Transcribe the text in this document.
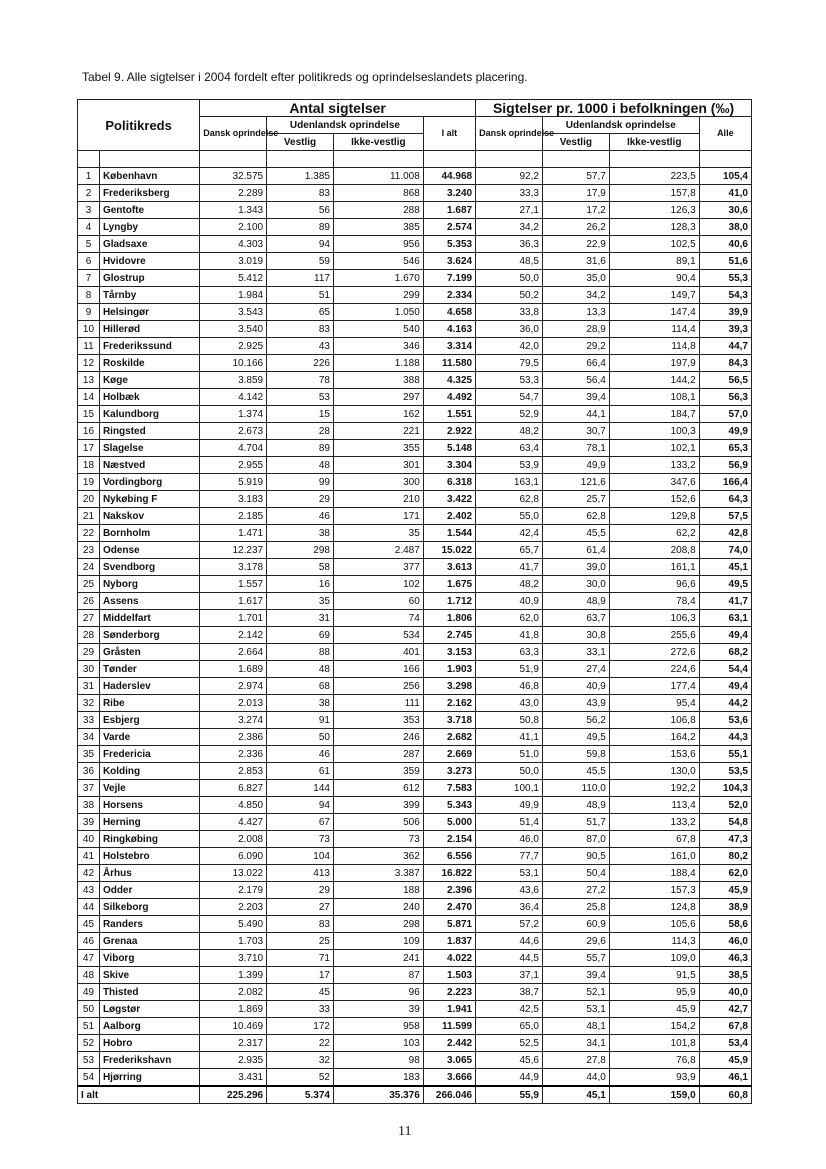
Tabel 9. Alle sigtelser i 2004 fordelt efter politikreds og oprindelseslandets placering.
Politikreds		Antal sigtelser				Sigtelser pr. 1000 i befolkningen (‰)			
		Dansk oprindelse	Udenlandsk oprindelse		I alt	Dansk oprindelse	Udenlandsk oprindelse		Alle
			Vestlig	Ikke-vestlig			Vestlig	Ikke-vestlig	

1	København	32.575	1.385	11.008	44.968	92,2	57,7	223,5	105,4
2	Frederiksberg	2.289	83	868	3.240	33,3	17,9	157,8	41,0
3	Gentofte	1.343	56	288	1.687	27,1	17,2	126,3	30,6
4	Lyngby	2.100	89	385	2.574	34,2	26,2	128,3	38,0
5	Gladsaxe	4.303	94	956	5.353	36,3	22,9	102,5	40,6
6	Hvidovre	3.019	59	546	3.624	48,5	31,6	89,1	51,6
7	Glostrup	5.412	117	1.670	7.199	50,0	35,0	90,4	55,3
8	Tårnby	1.984	51	299	2.334	50,2	34,2	149,7	54,3
9	Helsingør	3.543	65	1.050	4.658	33,8	13,3	147,4	39,9
10	Hillerød	3.540	83	540	4.163	36,0	28,9	114,4	39,3
11	Frederikssund	2.925	43	346	3.314	42,0	29,2	114,8	44,7
12	Roskilde	10.166	226	1.188	11.580	79,5	66,4	197,9	84,3
13	Køge	3.859	78	388	4.325	53,3	56,4	144,2	56,5
14	Holbæk	4.142	53	297	4.492	54,7	39,4	108,1	56,3
15	Kalundborg	1.374	15	162	1.551	52,9	44,1	184,7	57,0
16	Ringsted	2.673	28	221	2.922	48,2	30,7	100,3	49,9
17	Slagelse	4.704	89	355	5.148	63,4	78,1	102,1	65,3
18	Næstved	2.955	48	301	3.304	53,9	49,9	133,2	56,9
19	Vordingborg	5.919	99	300	6.318	163,1	121,6	347,6	166,4
20	Nykøbing F	3.183	29	210	3.422	62,8	25,7	152,6	64,3
21	Nakskov	2.185	46	171	2.402	55,0	62,8	129,8	57,5
22	Bornholm	1.471	38	35	1.544	42,4	45,5	62,2	42,8
23	Odense	12.237	298	2.487	15.022	65,7	61,4	208,8	74,0
24	Svendborg	3.178	58	377	3.613	41,7	39,0	161,1	45,1
25	Nyborg	1.557	16	102	1.675	48,2	30,0	96,6	49,5
26	Assens	1.617	35	60	1.712	40,9	48,9	78,4	41,7
27	Middelfart	1.701	31	74	1.806	62,0	63,7	106,3	63,1
28	Sønderborg	2.142	69	534	2.745	41,8	30,8	255,6	49,4
29	Gråsten	2.664	88	401	3.153	63,3	33,1	272,6	68,2
30	Tønder	1.689	48	166	1.903	51,9	27,4	224,6	54,4
31	Haderslev	2.974	68	256	3.298	46,8	40,9	177,4	49,4
32	Ribe	2.013	38	111	2.162	43,0	43,9	95,4	44,2
33	Esbjerg	3.274	91	353	3.718	50,8	56,2	106,8	53,6
34	Varde	2.386	50	246	2.682	41,1	49,5	164,2	44,3
35	Fredericia	2.336	46	287	2.669	51,0	59,8	153,6	55,1
36	Kolding	2.853	61	359	3.273	50,0	45,5	130,0	53,5
37	Vejle	6.827	144	612	7.583	100,1	110,0	192,2	104,3
38	Horsens	4.850	94	399	5.343	49,9	48,9	113,4	52,0
39	Herning	4.427	67	506	5.000	51,4	51,7	133,2	54,8
40	Ringkøbing	2.008	73	73	2.154	46,0	87,0	67,8	47,3
41	Holstebro	6.090	104	362	6.556	77,7	90,5	161,0	80,2
42	Århus	13.022	413	3.387	16.822	53,1	50,4	188,4	62,0
43	Odder	2.179	29	188	2.396	43,6	27,2	157,3	45,9
44	Silkeborg	2.203	27	240	2.470	36,4	25,8	124,8	38,9
45	Randers	5.490	83	298	5.871	57,2	60,9	105,6	58,6
46	Grenaa	1.703	25	109	1.837	44,6	29,6	114,3	46,0
47	Viborg	3.710	71	241	4.022	44,5	55,7	109,0	46,3
48	Skive	1.399	17	87	1.503	37,1	39,4	91,5	38,5
49	Thisted	2.082	45	96	2.223	38,7	52,1	95,9	40,0
50	Løgstør	1.869	33	39	1.941	42,5	53,1	45,9	42,7
51	Aalborg	10.469	172	958	11.599	65,0	48,1	154,2	67,8
52	Hobro	2.317	22	103	2.442	52,5	34,1	101,8	53,4
53	Frederikshavn	2.935	32	98	3.065	45,6	27,8	76,8	45,9
54	Hjørring	3.431	52	183	3.666	44,9	44,0	93,9	46,1
I alt		225.296	5.374	35.376	266.046	55,9	45,1	159,0	60,8
11
